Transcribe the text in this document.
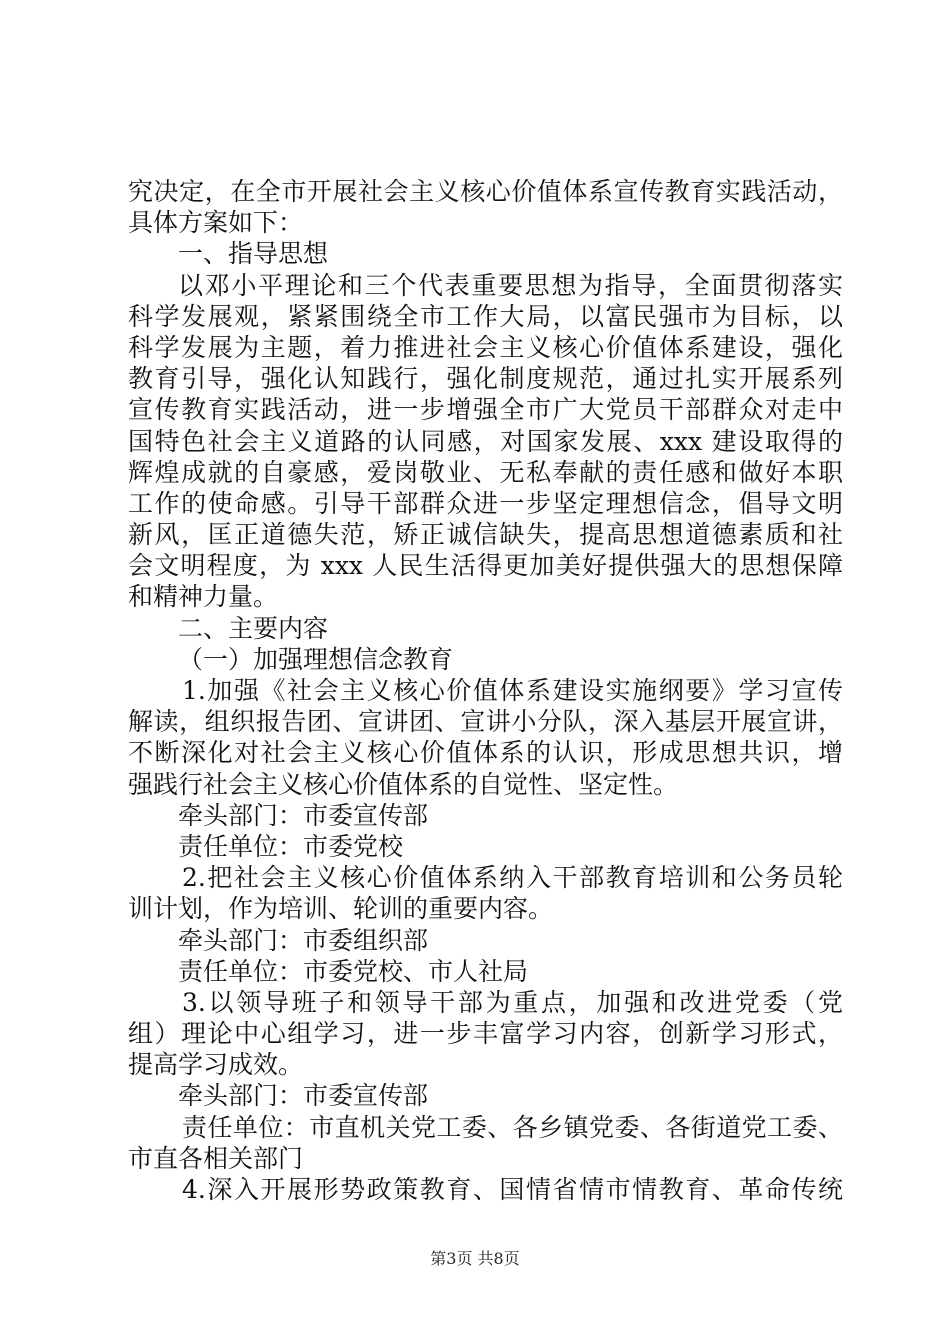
究决定，在全市开展社会主义核心价值体系宣传教育实践活动，
具体方案如下：
一、指导思想
以邓小平理论和三个代表重要思想为指导，全面贯彻落实
科学发展观，紧紧围绕全市工作大局，以富民强市为目标，以
科学发展为主题，着力推进社会主义核心价值体系建设，强化
教育引导，强化认知践行，强化制度规范，通过扎实开展系列
宣传教育实践活动，进一步增强全市广大党员干部群众对走中
国特色社会主义道路的认同感，对国家发展、xxx 建设取得的
辉煌成就的自豪感，爱岗敬业、无私奉献的责任感和做好本职
工作的使命感。引导干部群众进一步坚定理想信念，倡导文明
新风，匡正道德失范，矫正诚信缺失，提高思想道德素质和社
会文明程度，为 xxx 人民生活得更加美好提供强大的思想保障
和精神力量。
二、主要内容
（一）加强理想信念教育
1.加强《社会主义核心价值体系建设实施纲要》学习宣传
解读，组织报告团、宣讲团、宣讲小分队，深入基层开展宣讲，
不断深化对社会主义核心价值体系的认识，形成思想共识，增
强践行社会主义核心价值体系的自觉性、坚定性。
牵头部门：市委宣传部
责任单位：市委党校
2.把社会主义核心价值体系纳入干部教育培训和公务员轮
训计划，作为培训、轮训的重要内容。
牵头部门：市委组织部
责任单位：市委党校、市人社局
3.以领导班子和领导干部为重点，加强和改进党委（党
组）理论中心组学习，进一步丰富学习内容，创新学习形式，
提高学习成效。
牵头部门：市委宣传部
责任单位：市直机关党工委、各乡镇党委、各街道党工委、
市直各相关部门
4.深入开展形势政策教育、国情省情市情教育、革命传统
第3页 共8页
